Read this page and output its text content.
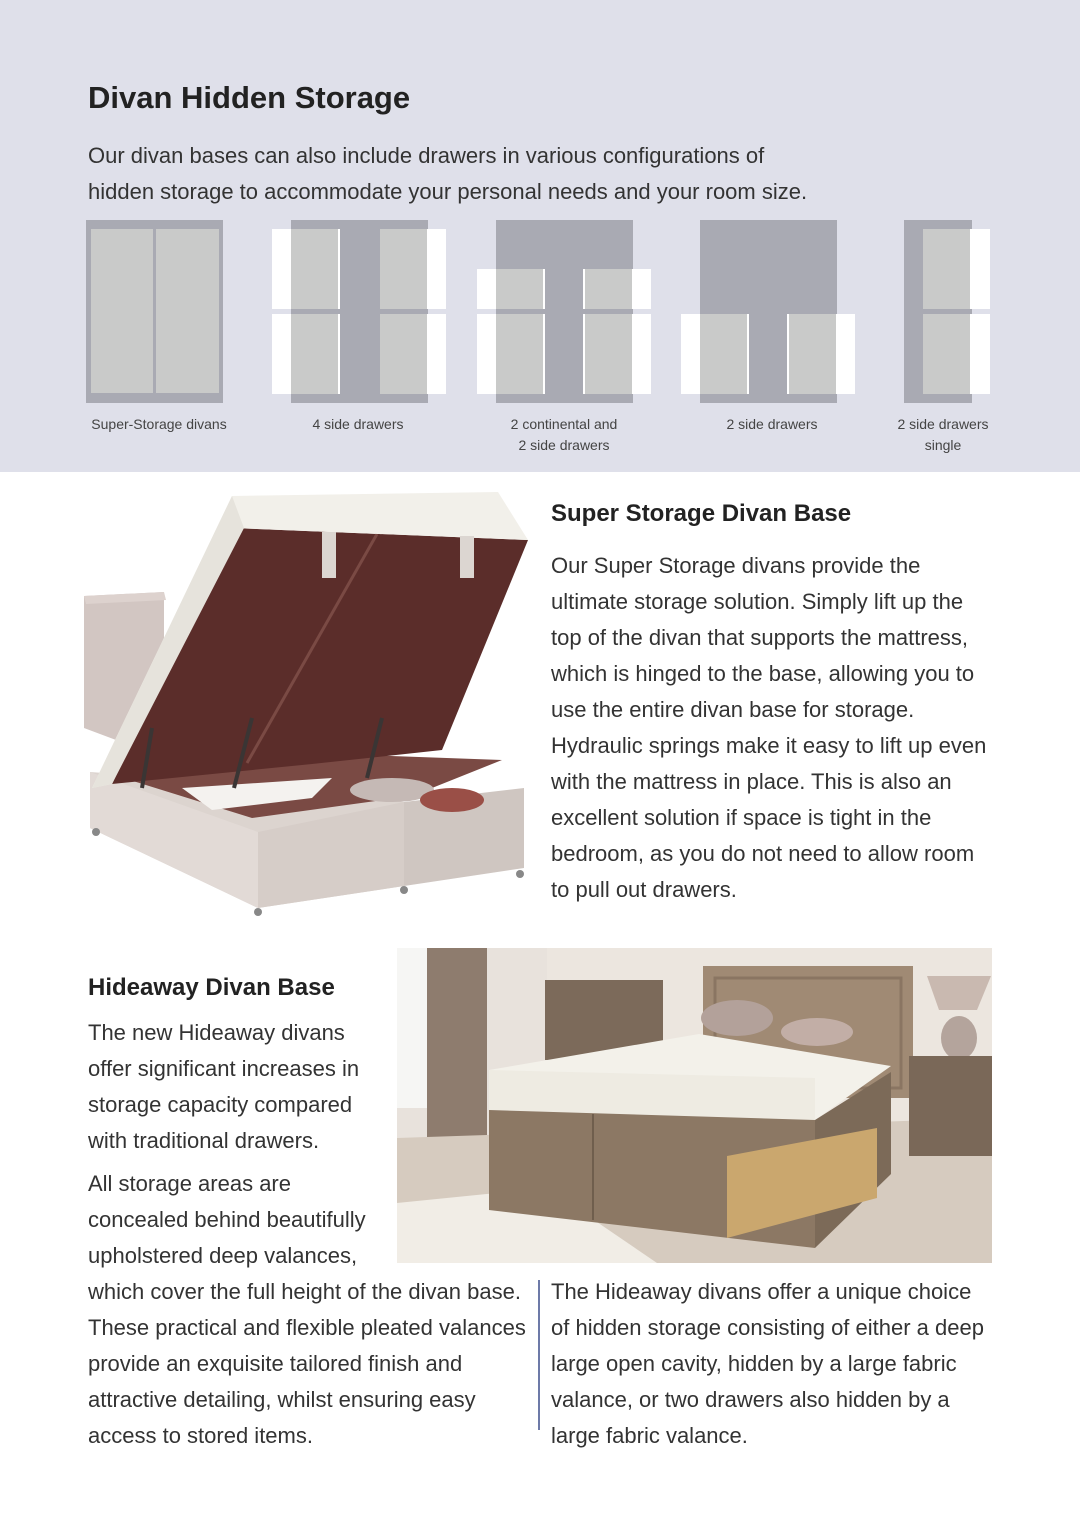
Divan Hidden Storage

Our divan bases can also include drawers in various configurations of hidden storage to accommodate your personal needs and your room size.

Super-Storage divans	4 side drawers	2 continental and
2 side drawers
2 side drawers	2 side drawers
single
Super Storage Divan Base

Our Super Storage divans provide the ultimate storage solution. Simply lift up the top of the divan that supports the mattress, which is hinged to the base, allowing you to use the entire divan base for storage. Hydraulic springs make it easy to lift up even with the mattress in place. This is also an excellent solution if space is tight in the bedroom, as you do not need to allow room to pull out drawers.

Hideaway Divan Base

The new Hideaway divans offer significant increases in storage capacity compared with traditional drawers.

All storage areas are concealed behind beautifully upholstered deep valances,

which cover the full height of the divan base. These practical and flexible pleated valances provide an exquisite tailored finish and attractive detailing, whilst ensuring easy access to stored items.

The Hideaway divans offer a unique choice of hidden storage consisting of either a deep large open cavity, hidden by a large fabric valance, or two drawers also hidden by a large fabric valance.
